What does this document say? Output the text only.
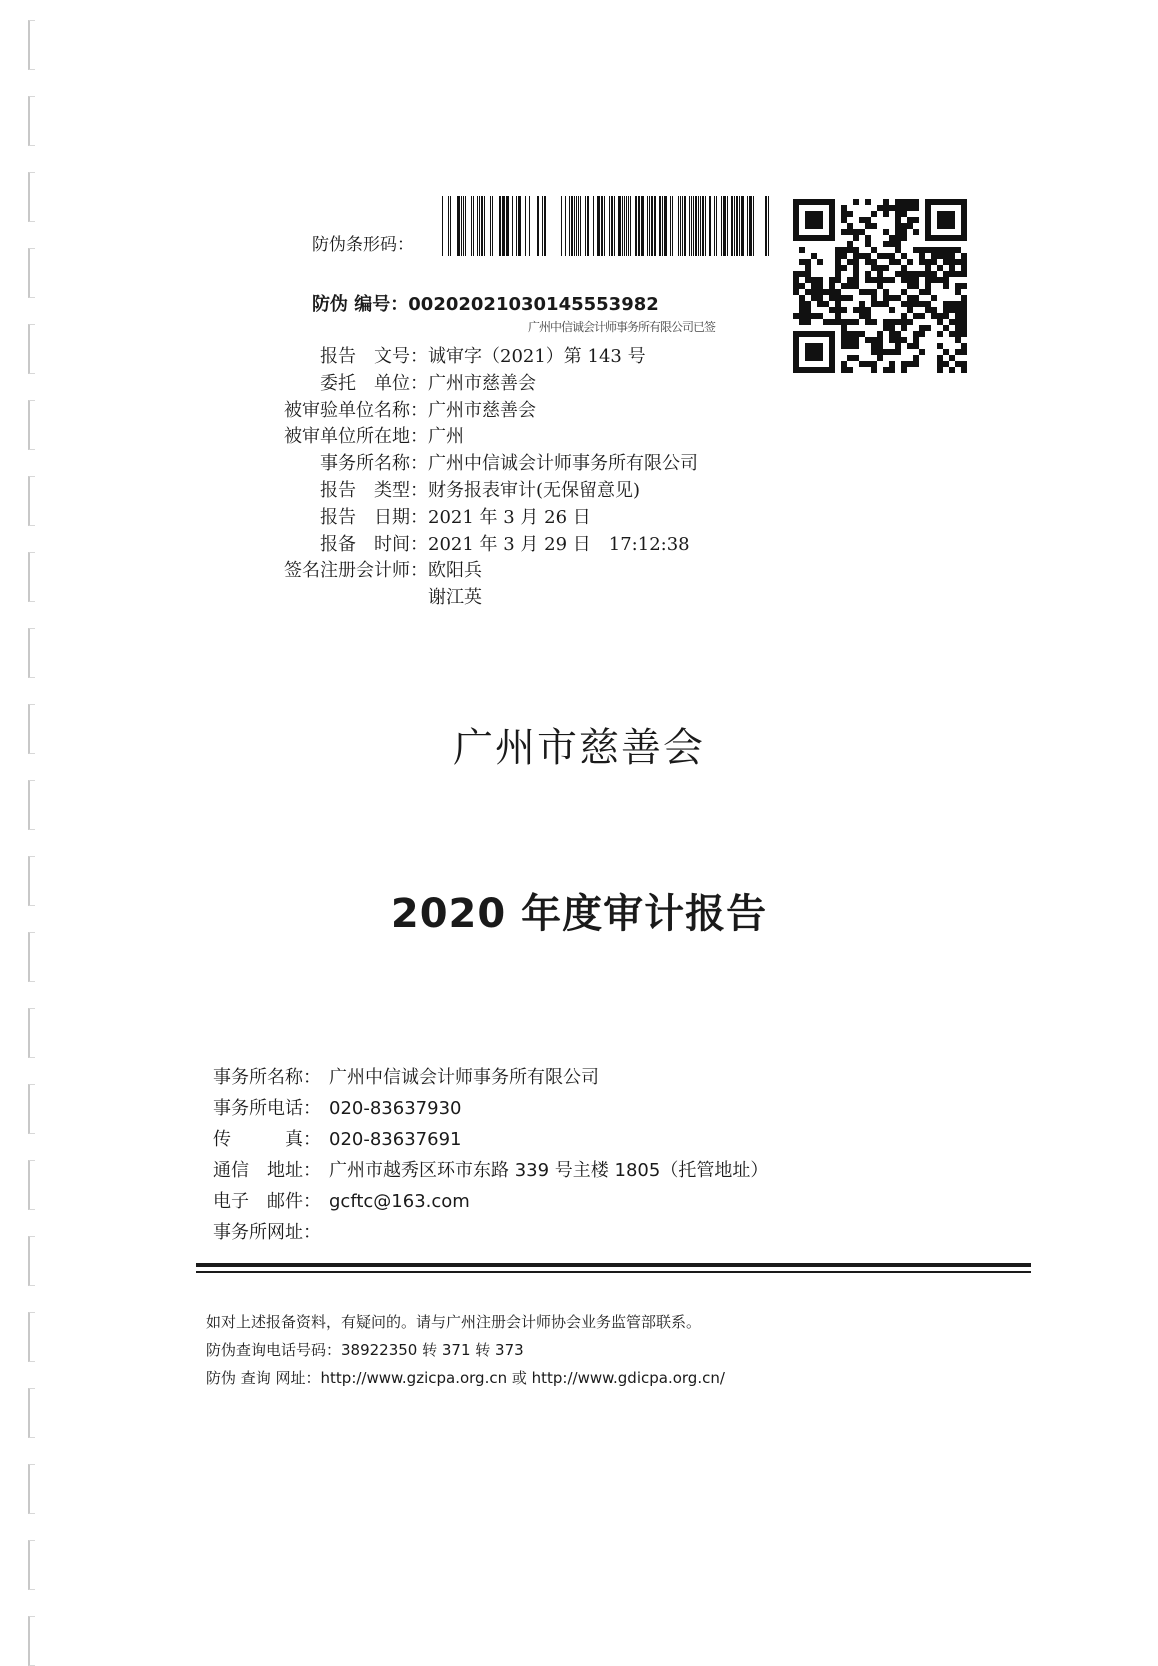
防伪条形码：
防伪 编号：00202021030145553982
广州中信诚会计师事务所有限公司已签
报告　文号： 诚审字（2021）第 143 号
委托　单位： 广州市慈善会
被审验单位名称： 广州市慈善会
被审单位所在地： 广州
事务所名称： 广州中信诚会计师事务所有限公司
报告　类型： 财务报表审计(无保留意见)
报告　日期： 2021 年 3 月 26 日
报备　时间： 2021 年 3 月 29 日　17:12:38
签名注册会计师： 欧阳兵
谢江英
广州市慈善会
2020 年度审计报告
事务所名称： 广州中信诚会计师事务所有限公司
事务所电话： 020-83637930
传　　　真： 020-83637691
通信　地址： 广州市越秀区环市东路 339 号主楼 1805（托管地址）
电子　邮件： gcftc@163.com
事务所网址：
如对上述报备资料，有疑问的。请与广州注册会计师协会业务监管部联系。
防伪查询电话号码：38922350 转 371 转 373
防伪 查询 网址：http://www.gzicpa.org.cn 或 http://www.gdicpa.org.cn/
